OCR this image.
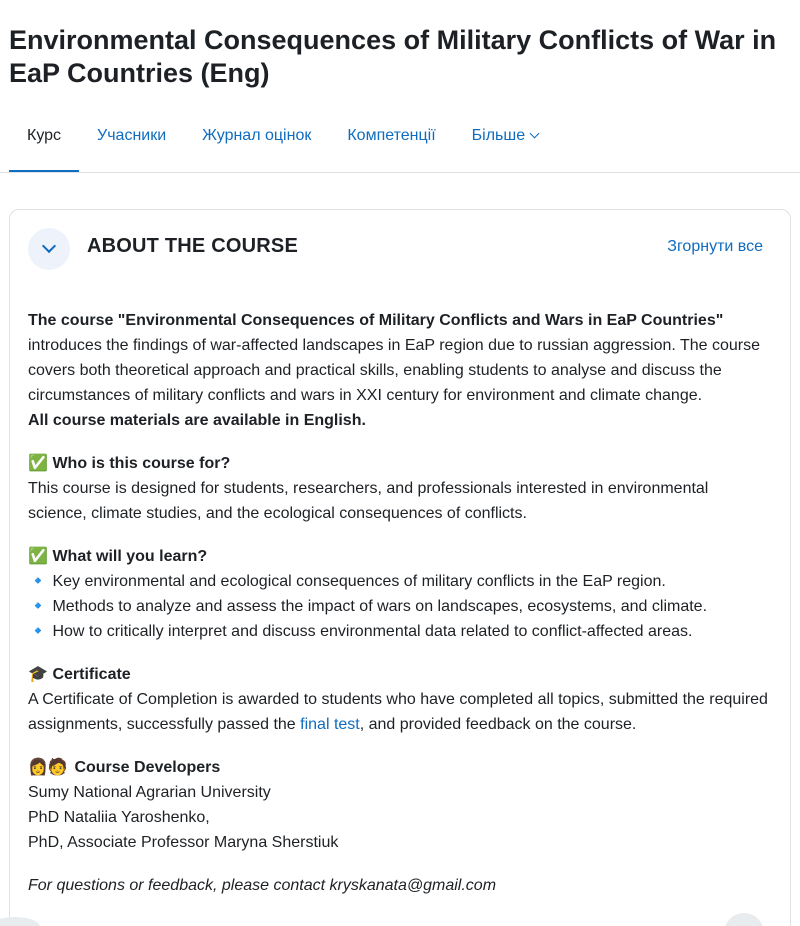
Environmental Consequences of Military Conflicts of War in EaP Countries (Eng)
Курс	Учасники	Журнал оцінок	Компетенції	Більше
ABOUT THE COURSE	Згорнути все

The course "Environmental Consequences of Military Conflicts and Wars in EaP Countries"
introduces the findings of war-affected landscapes in EaP region due to russian aggression. The course covers both theoretical approach and practical skills, enabling students to analyse and discuss the circumstances of military conflicts and wars in XXI century for environment and climate change.

All course materials are available in English.

✅ Who is this course for?

This course is designed for students, researchers, and professionals interested in environmental science, climate studies, and the ecological consequences of conflicts.

✅ What will you learn?

🔹 Key environmental and ecological consequences of military conflicts in the EaP region.

🔹 Methods to analyze and assess the impact of wars on landscapes, ecosystems, and climate.

🔹 How to critically interpret and discuss environmental data related to conflict-affected areas.

🎓 Certificate

A Certificate of Completion is awarded to students who have completed all topics, submitted the required assignments, successfully passed the final test, and provided feedback on the course.

👩🧑 Course Developers

Sumy National Agrarian University

PhD Nataliia Yaroshenko,

PhD, Associate Professor Maryna Sherstiuk

For questions or feedback, please contact kryskanata@gmail.com
